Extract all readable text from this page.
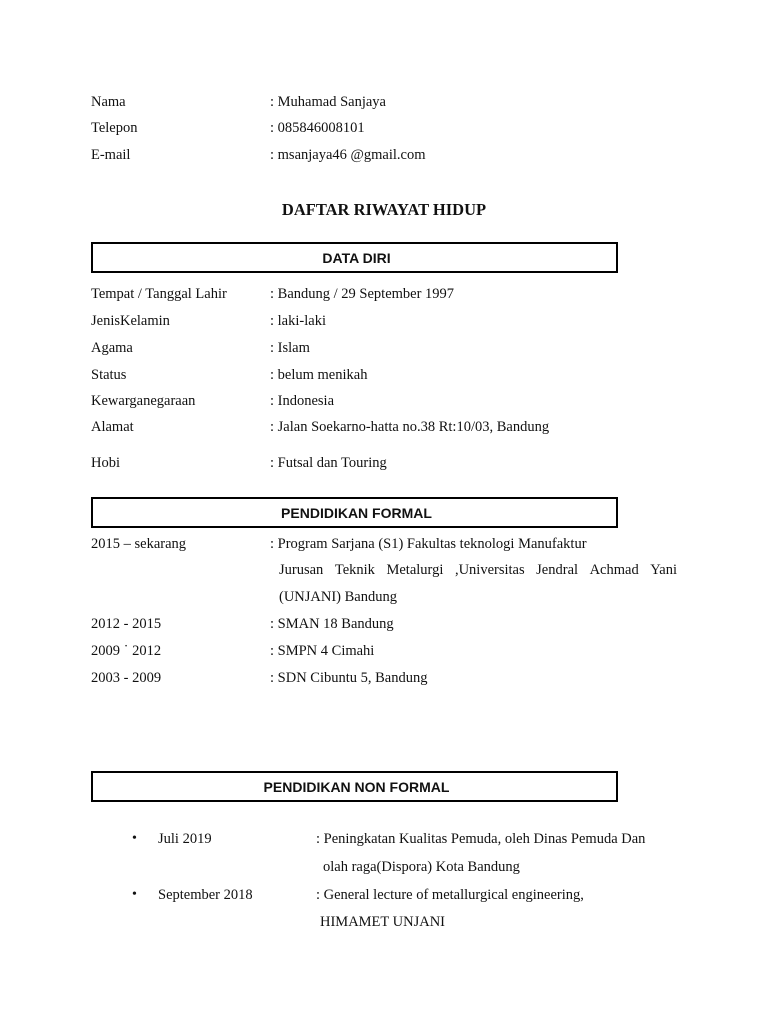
Nama	: Muhamad Sanjaya
Telepon	: 085846008101
E-mail	: msanjaya46 @gmail.com
DAFTAR RIWAYAT HIDUP
DATA DIRI
Tempat / Tanggal Lahir	: Bandung / 29 September 1997
JenisKelamin	: laki-laki
Agama	: Islam
Status	: belum menikah
Kewarganegaraan	: Indonesia
Alamat	: Jalan Soekarno-hatta no.38 Rt:10/03, Bandung
Hobi	: Futsal dan Touring
PENDIDIKAN FORMAL
2015 – sekarang	: Program Sarjana (S1) Fakultas teknologi Manufaktur
Jurusan Teknik Metalurgi ,Universitas Jendral Achmad Yani
(UNJANI) Bandung
2012 - 2015	: SMAN 18 Bandung
2009 ˙ 2012	: SMPN 4 Cimahi
2003 - 2009	: SDN Cibuntu 5, Bandung
PENDIDIKAN NON FORMAL
• Juli 2019	: Peningkatan Kualitas Pemuda, oleh Dinas Pemuda Dan
olah raga(Dispora) Kota Bandung
• September 2018	: General lecture of metallurgical engineering,
HIMAMET UNJANI
